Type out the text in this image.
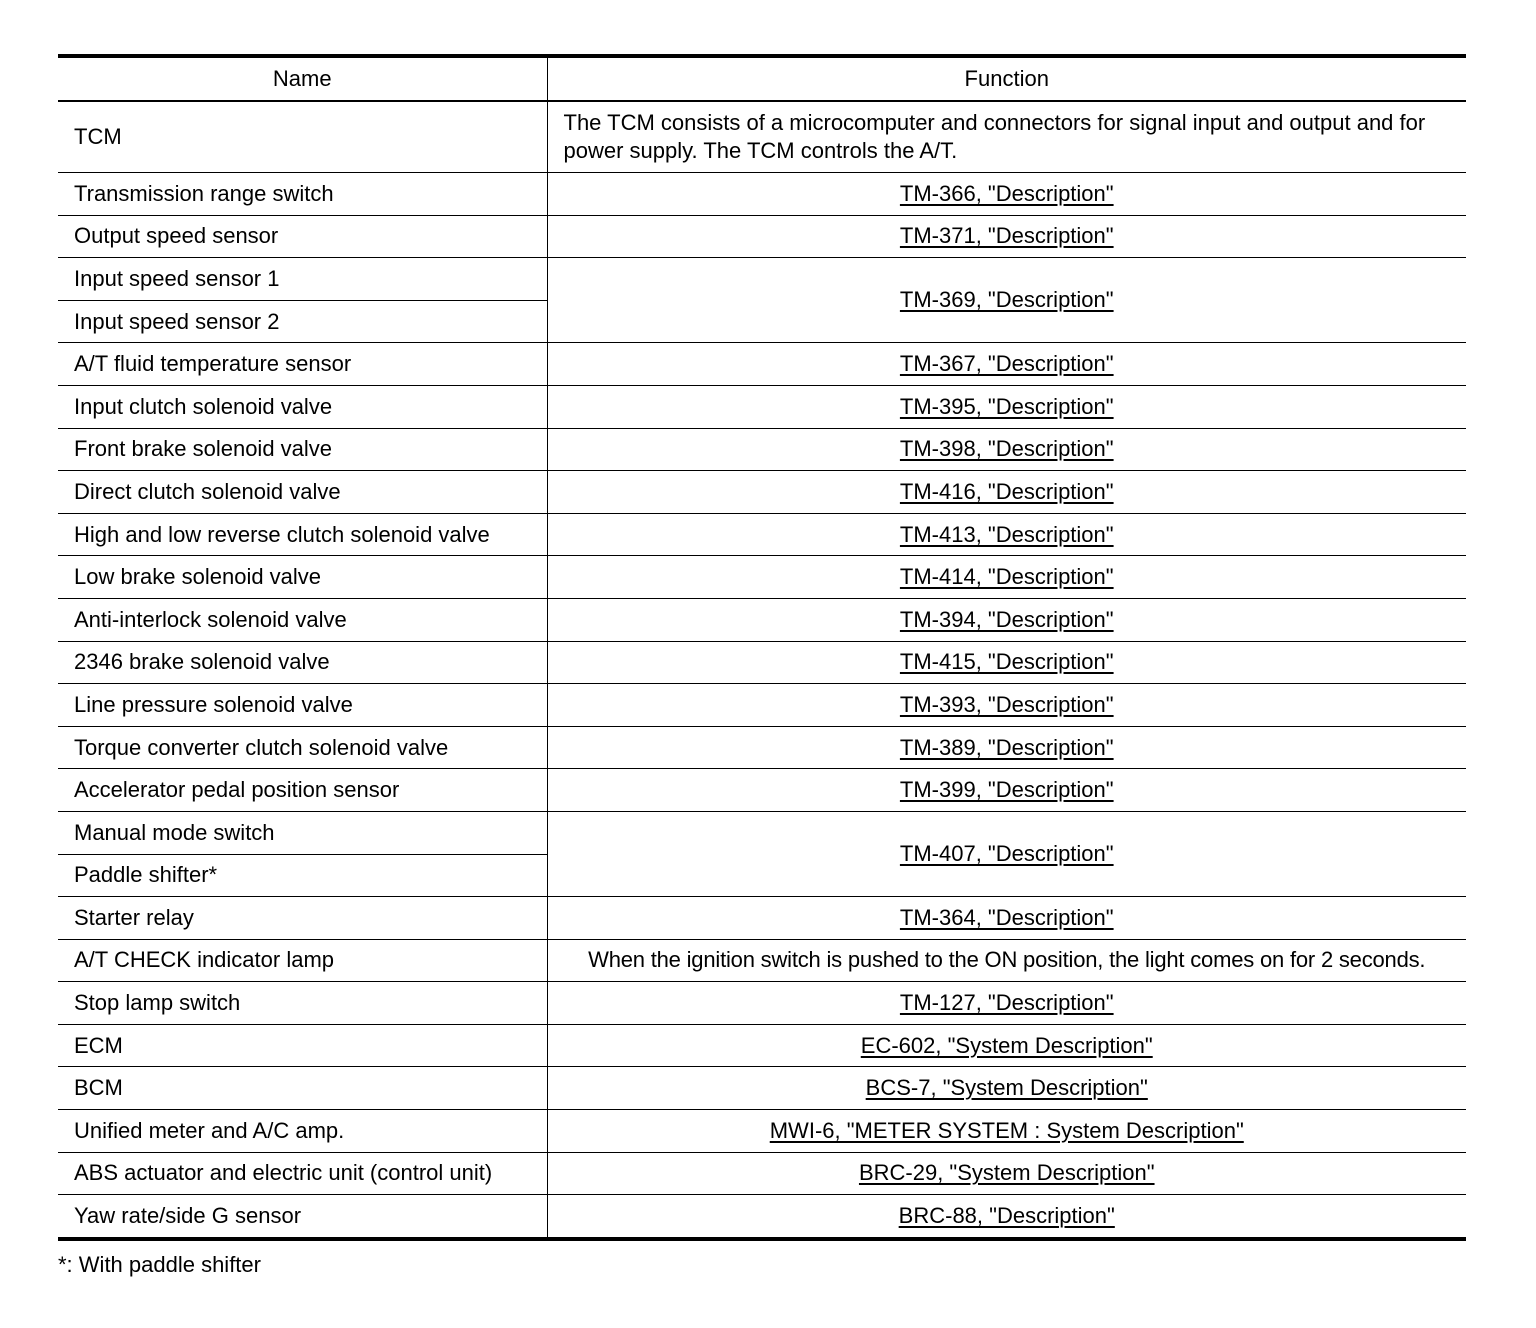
Name	Function
TCM	The TCM consists of a microcomputer and connectors for signal input and output and for power supply. The TCM controls the A/T.
Transmission range switch	TM-366, "Description"
Output speed sensor	TM-371, "Description"
Input speed sensor 1	TM-369, "Description"
Input speed sensor 2	
A/T fluid temperature sensor	TM-367, "Description"
Input clutch solenoid valve	TM-395, "Description"
Front brake solenoid valve	TM-398, "Description"
Direct clutch solenoid valve	TM-416, "Description"
High and low reverse clutch solenoid valve	TM-413, "Description"
Low brake solenoid valve	TM-414, "Description"
Anti-interlock solenoid valve	TM-394, "Description"
2346 brake solenoid valve	TM-415, "Description"
Line pressure solenoid valve	TM-393, "Description"
Torque converter clutch solenoid valve	TM-389, "Description"
Accelerator pedal position sensor	TM-399, "Description"
Manual mode switch	TM-407, "Description"
Paddle shifter*	
Starter relay	TM-364, "Description"
A/T CHECK indicator lamp	When the ignition switch is pushed to the ON position, the light comes on for 2 seconds.
Stop lamp switch	TM-127, "Description"
ECM	EC-602, "System Description"
BCM	BCS-7, "System Description"
Unified meter and A/C amp.	MWI-6, "METER SYSTEM : System Description"
ABS actuator and electric unit (control unit)	BRC-29, "System Description"
Yaw rate/side G sensor	BRC-88, "Description"
*: With paddle shifter
